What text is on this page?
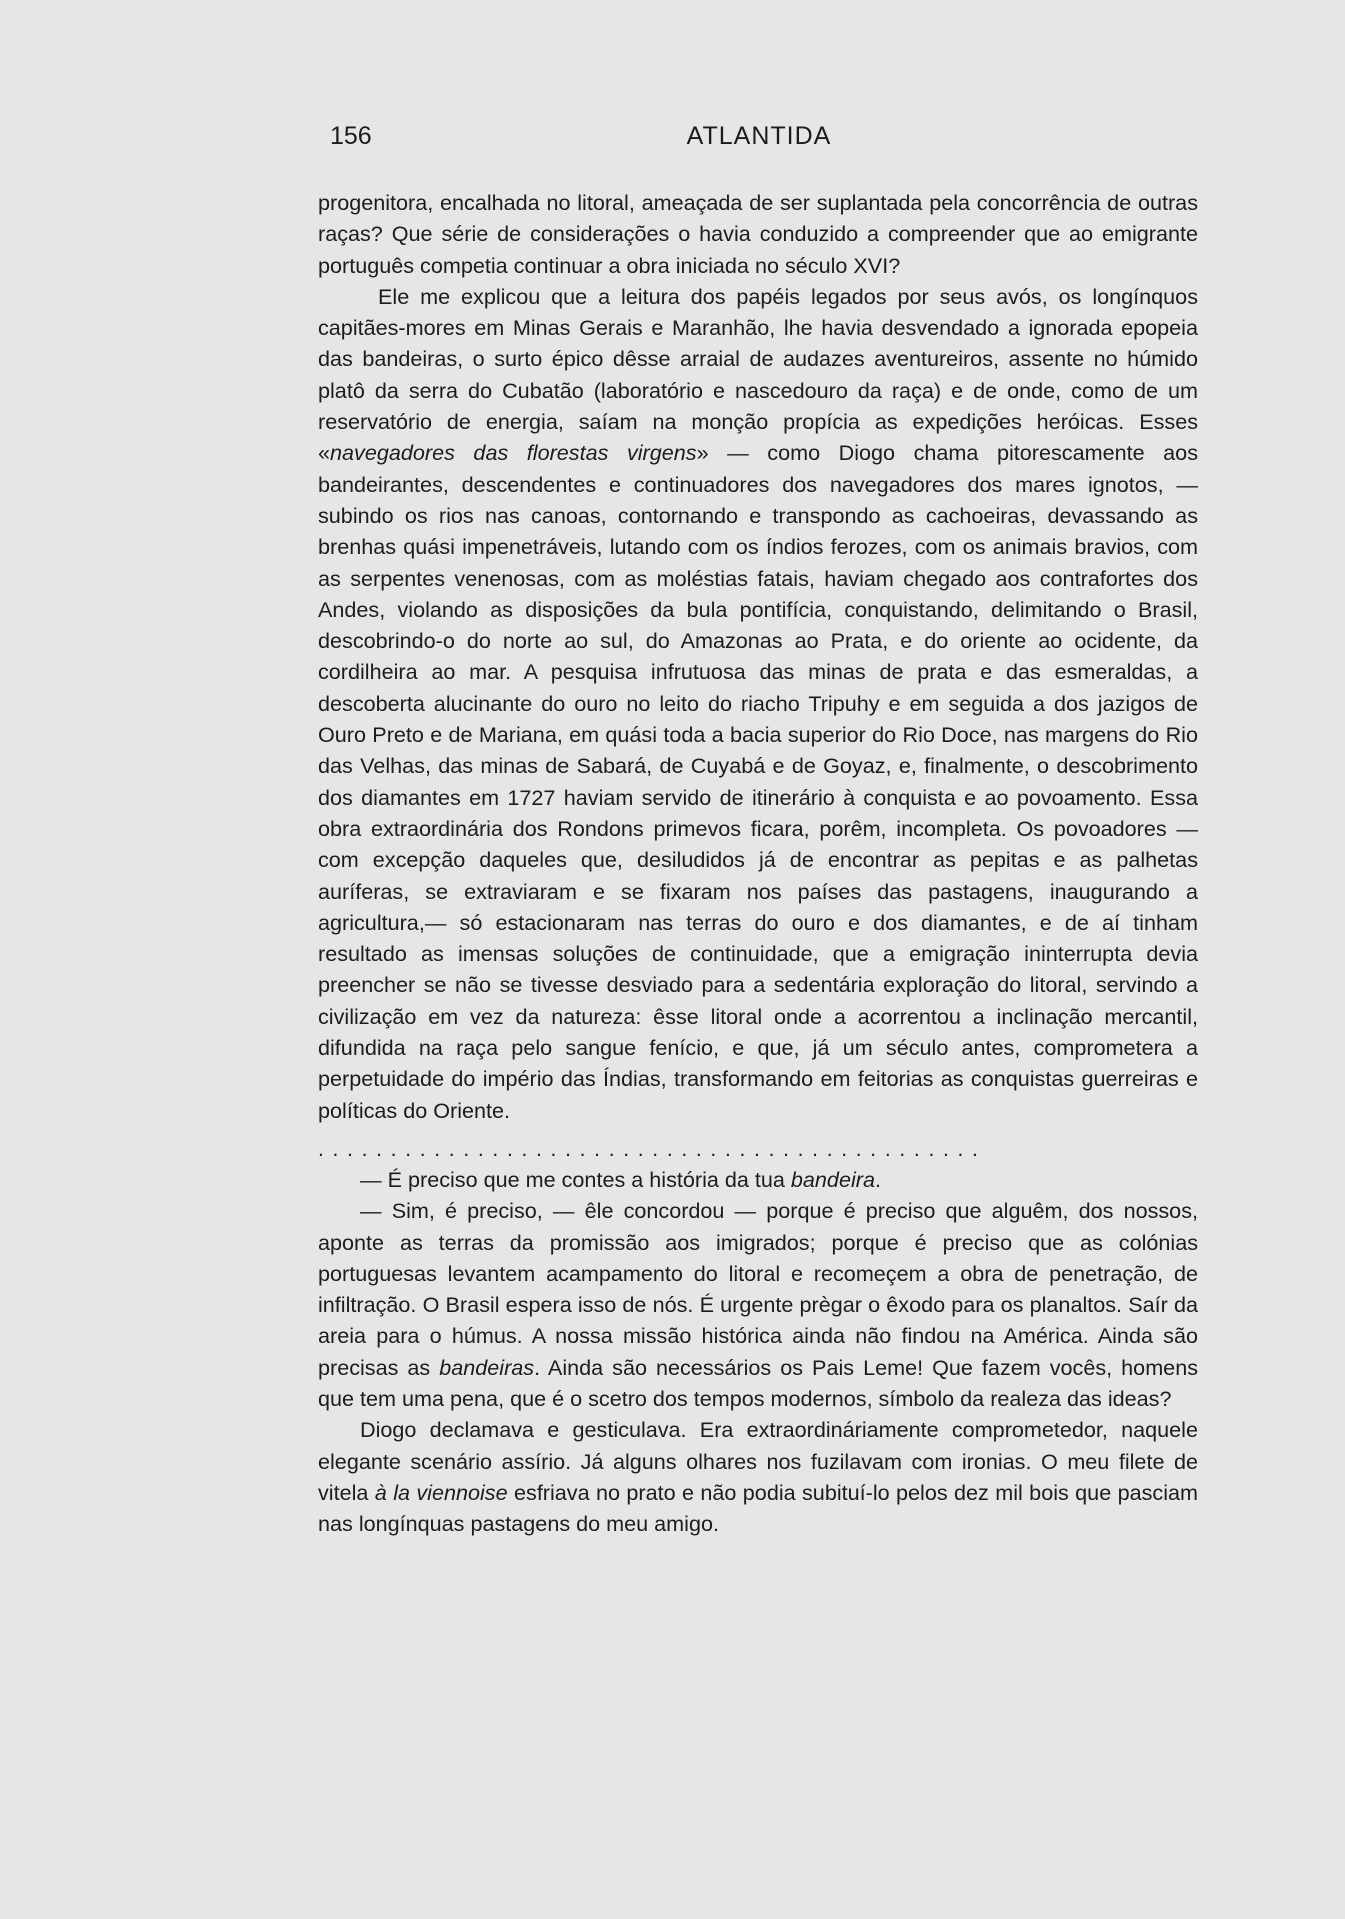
156	ATLANTIDA

progenitora, encalhada no litoral, ameaçada de ser suplantada pela concorrência de outras raças? Que série de considerações o havia conduzido a compreender que ao emigrante português competia continuar a obra iniciada no século XVI?

Ele me explicou que a leitura dos papéis legados por seus avós, os longínquos capitães-mores em Minas Gerais e Maranhão, lhe havia desvendado a ignorada epopeia das bandeiras, o surto épico dêsse arraial de audazes aventureiros, assente no húmido platô da serra do Cubatão (laboratório e nascedouro da raça) e de onde, como de um reservatório de energia, saíam na monção propícia as expedições heróicas. Esses «navegadores das florestas virgens» — como Diogo chama pitorescamente aos bandeirantes, descendentes e continuadores dos navegadores dos mares ignotos, — subindo os rios nas canoas, contornando e transpondo as cachoeiras, devassando as brenhas quási impenetráveis, lutando com os índios ferozes, com os animais bravios, com as serpentes venenosas, com as moléstias fatais, haviam chegado aos contrafortes dos Andes, violando as disposições da bula pontifícia, conquistando, delimitando o Brasil, descobrindo-o do norte ao sul, do Amazonas ao Prata, e do oriente ao ocidente, da cordilheira ao mar. A pesquisa infrutuosa das minas de prata e das esmeraldas, a descoberta alucinante do ouro no leito do riacho Tripuhy e em seguida a dos jazigos de Ouro Preto e de Mariana, em quási toda a bacia superior do Rio Doce, nas margens do Rio das Velhas, das minas de Sabará, de Cuyabá e de Goyaz, e, finalmente, o descobrimento dos diamantes em 1727 haviam servido de itinerário à conquista e ao povoamento. Essa obra extraordinária dos Rondons primevos ficara, porêm, incompleta. Os povoadores — com excepção daqueles que, desiludidos já de encontrar as pepitas e as palhetas auríferas, se extraviaram e se fixaram nos países das pastagens, inaugurando a agricultura,— só estacionaram nas terras do ouro e dos diamantes, e de aí tinham resultado as imensas soluções de continuidade, que a emigração ininterrupta devia preencher se não se tivesse desviado para a sedentária exploração do litoral, servindo a civilização em vez da natureza: êsse litoral onde a acorrentou a inclinação mercantil, difundida na raça pelo sangue fenício, e que, já um século antes, comprometera a perpetuidade do império das Índias, transformando em feitorias as conquistas guerreiras e políticas do Oriente.

..............................................

— É preciso que me contes a história da tua bandeira.

— Sim, é preciso, — êle concordou — porque é preciso que alguêm, dos nossos, aponte as terras da promissão aos imigrados; porque é preciso que as colónias portuguesas levantem acampamento do litoral e recomeçem a obra de penetração, de infiltração. O Brasil espera isso de nós. É urgente prègar o êxodo para os planaltos. Saír da areia para o húmus. A nossa missão histórica ainda não findou na América. Ainda são precisas as bandeiras. Ainda são necessários os Pais Leme! Que fazem vocês, homens que tem uma pena, que é o scetro dos tempos modernos, símbolo da realeza das ideas?

Diogo declamava e gesticulava. Era extraordináriamente comprometedor, naquele elegante scenário assírio. Já alguns olhares nos fuzilavam com ironias. O meu filete de vitela à la viennoise esfriava no prato e não podia subituí-lo pelos dez mil bois que pasciam nas longínquas pastagens do meu amigo.
